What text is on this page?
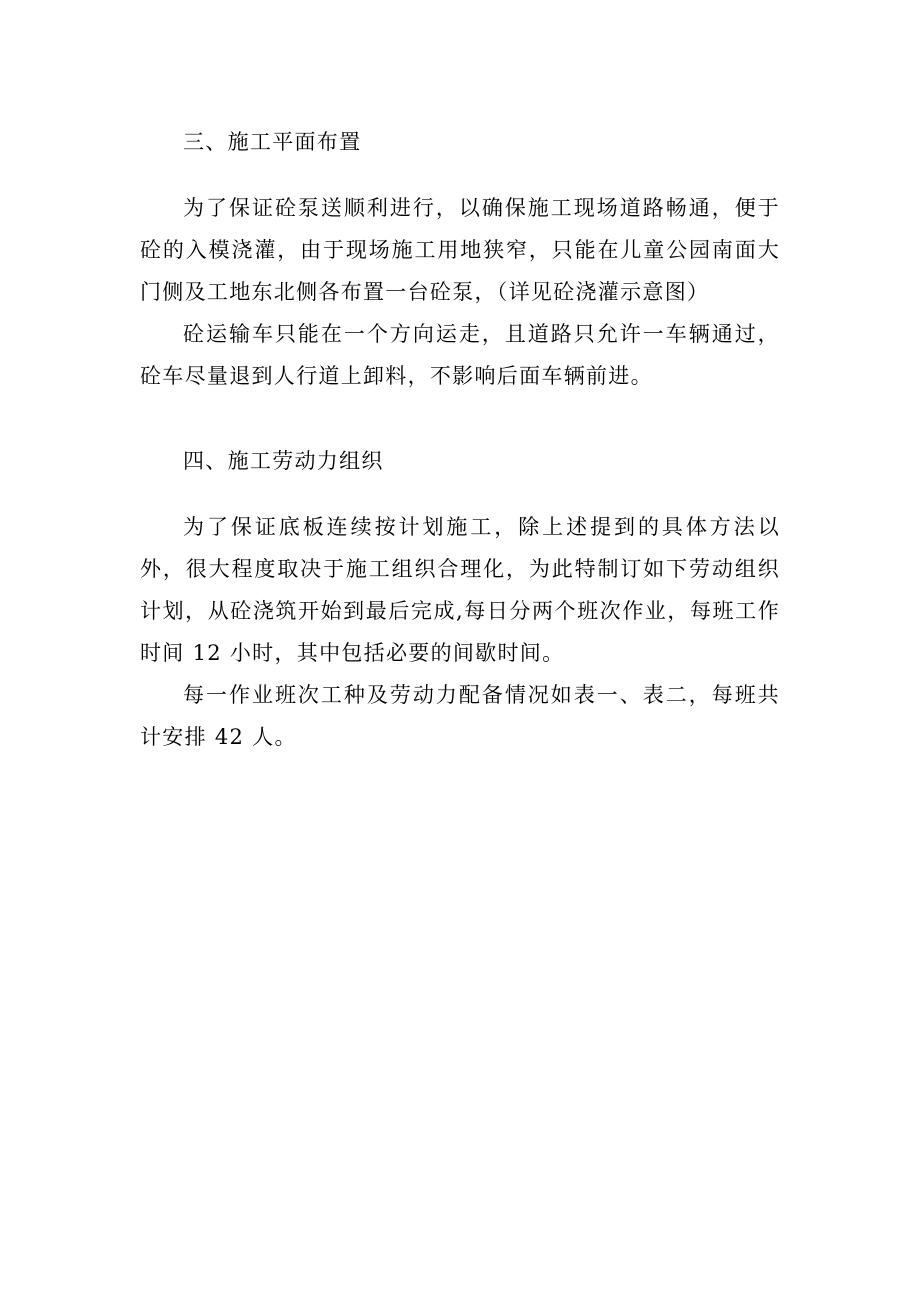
三、施工平面布置

为了保证砼泵送顺利进行，以确保施工现场道路畅通，便于砼的入模浇灌，由于现场施工用地狭窄，只能在儿童公园南面大门侧及工地东北侧各布置一台砼泵，（详见砼浇灌示意图）

砼运输车只能在一个方向运走，且道路只允许一车辆通过，砼车尽量退到人行道上卸料，不影响后面车辆前进。

四、施工劳动力组织

为了保证底板连续按计划施工，除上述提到的具体方法以外，很大程度取决于施工组织合理化，为此特制订如下劳动组织计划，从砼浇筑开始到最后完成,每日分两个班次作业，每班工作时间 12 小时，其中包括必要的间歇时间。

每一作业班次工种及劳动力配备情况如表一、表二，每班共计安排 42 人。
